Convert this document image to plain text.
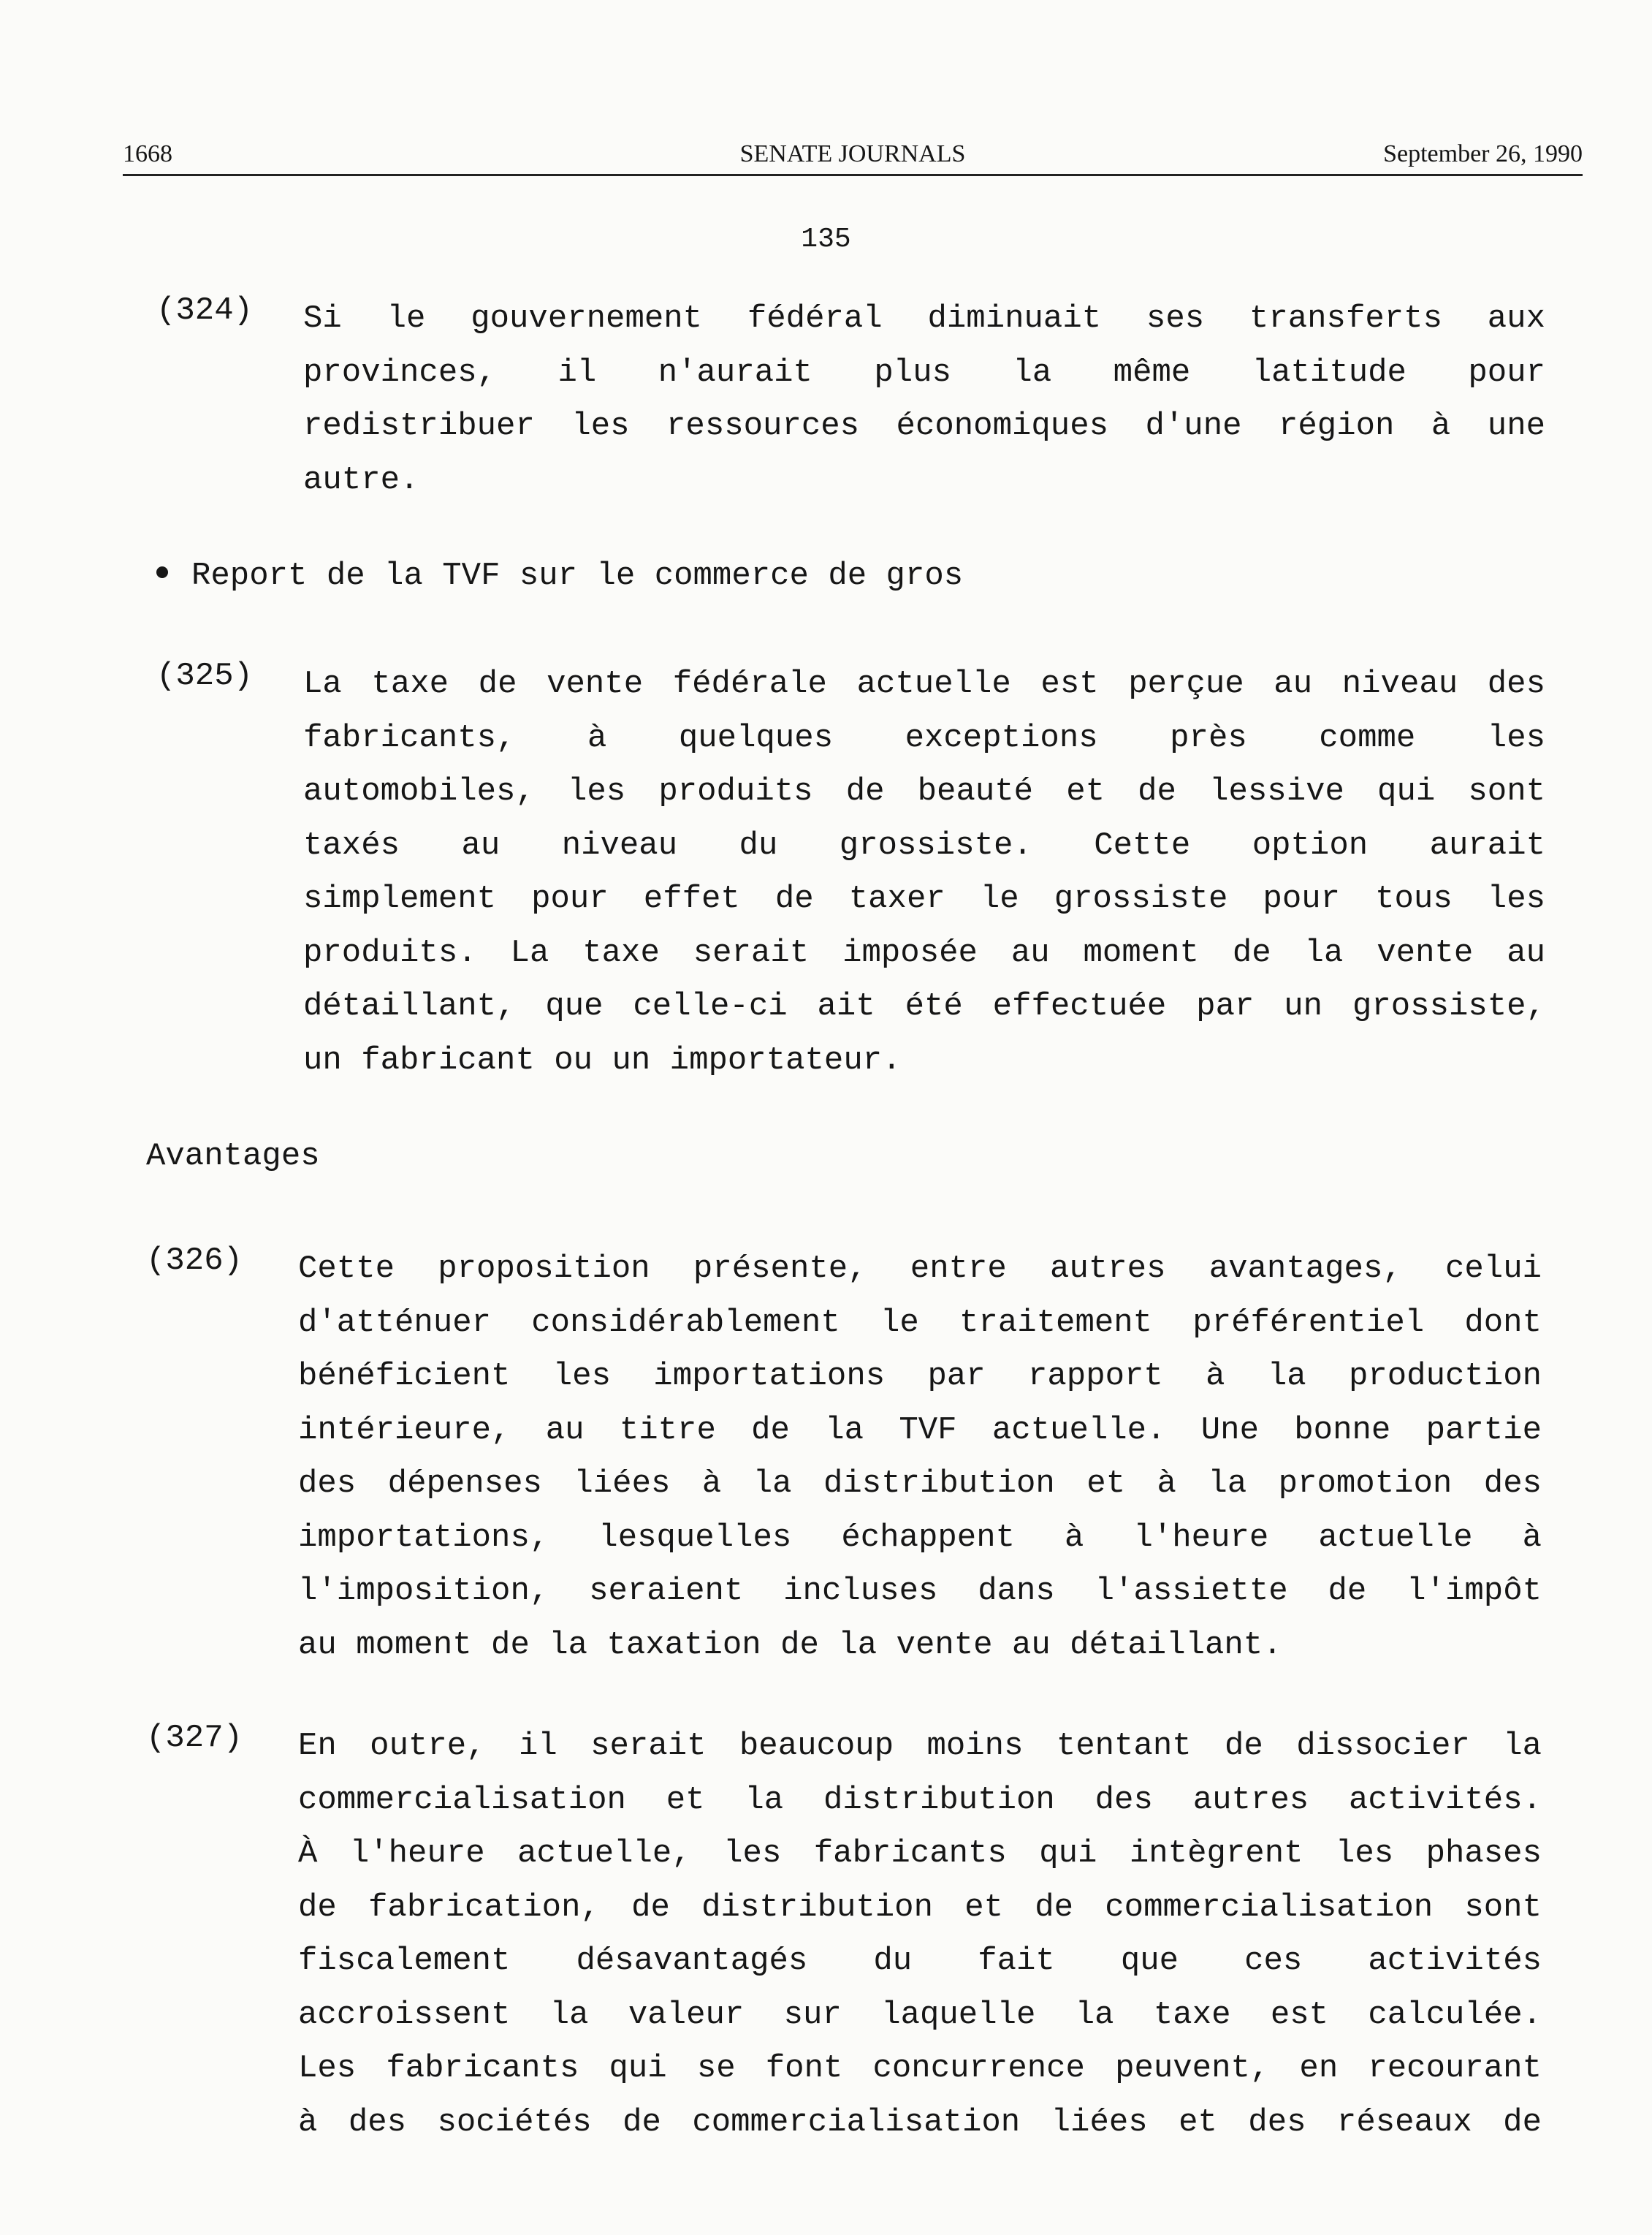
1668	SENATE JOURNALS	September 26, 1990
135
(324) Si le gouvernement fédéral diminuait ses transferts aux
provinces, il n'aurait plus la même latitude pour
redistribuer les ressources économiques d'une région à une
autre.
Report de la TVF sur le commerce de gros
(325) La taxe de vente fédérale actuelle est perçue au niveau des
fabricants, à quelques exceptions près comme les
automobiles, les produits de beauté et de lessive qui sont
taxés au niveau du grossiste. Cette option aurait
simplement pour effet de taxer le grossiste pour tous les
produits. La taxe serait imposée au moment de la vente au
détaillant, que celle-ci ait été effectuée par un grossiste,
un fabricant ou un importateur.
Avantages
(326) Cette proposition présente, entre autres avantages, celui
d'atténuer considérablement le traitement préférentiel dont
bénéficient les importations par rapport à la production
intérieure, au titre de la TVF actuelle. Une bonne partie
des dépenses liées à la distribution et à la promotion des
importations, lesquelles échappent à l'heure actuelle à
l'imposition, seraient incluses dans l'assiette de l'impôt
au moment de la taxation de la vente au détaillant.
(327) En outre, il serait beaucoup moins tentant de dissocier la
commercialisation et la distribution des autres activités.
À l'heure actuelle, les fabricants qui intègrent les phases
de fabrication, de distribution et de commercialisation sont
fiscalement désavantagés du fait que ces activités
accroissent la valeur sur laquelle la taxe est calculée.
Les fabricants qui se font concurrence peuvent, en recourant
à des sociétés de commercialisation liées et des réseaux de
